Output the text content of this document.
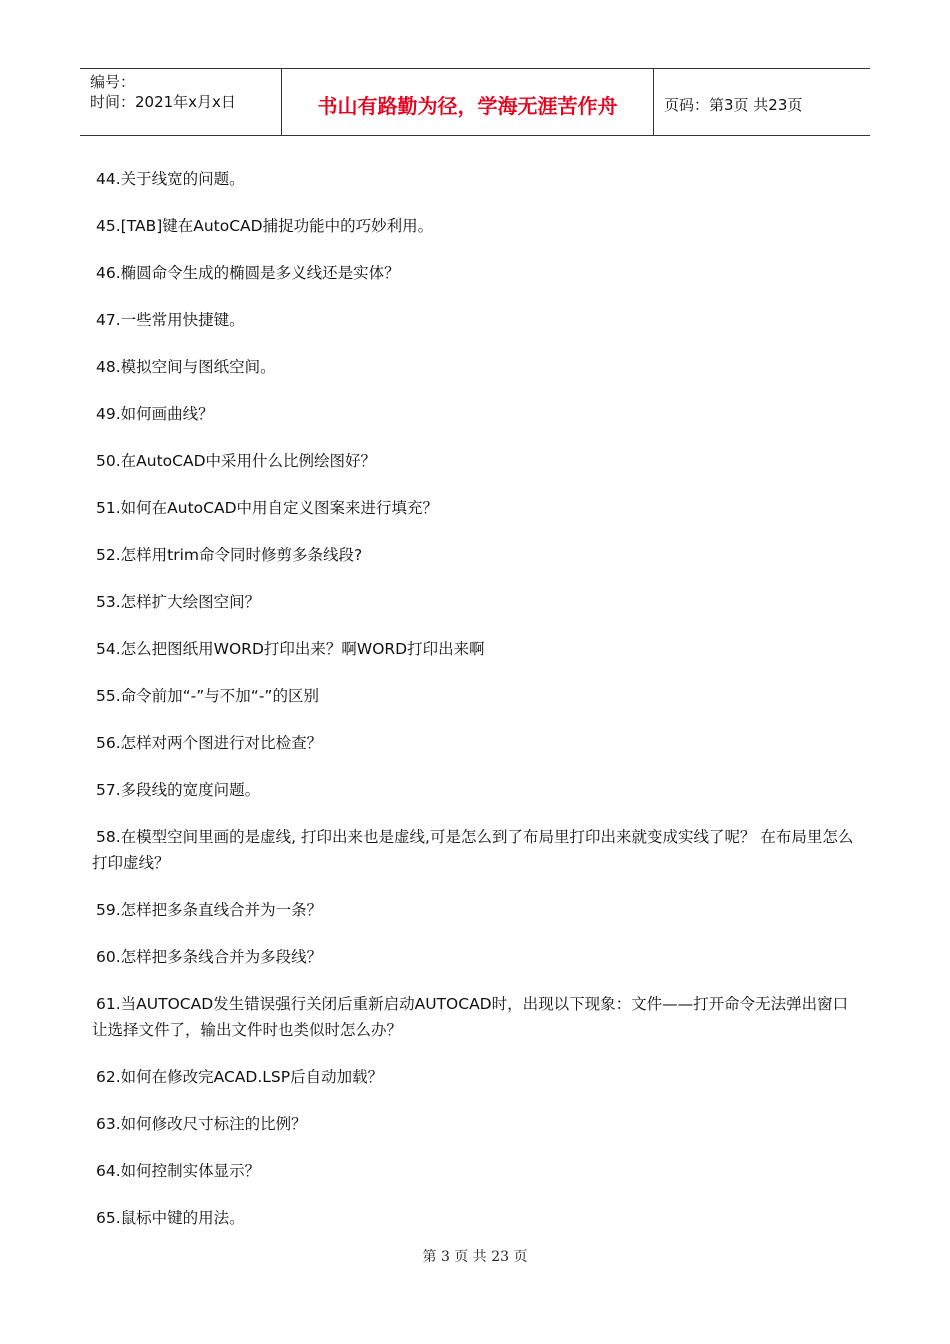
编号：
时间：2021年x月x日	书山有路勤为径，学海无涯苦作舟	页码：第3页 共23页
44.关于线宽的问题。
45.[TAB]键在AutoCAD捕捉功能中的巧妙利用。
46.椭圆命令生成的椭圆是多义线还是实体？
47.一些常用快捷键。
48.模拟空间与图纸空间。
49.如何画曲线？
50.在AutoCAD中采用什么比例绘图好？
51.如何在AutoCAD中用自定义图案来进行填充？
52.怎样用trim命令同时修剪多条线段?
53.怎样扩大绘图空间？
54.怎么把图纸用WORD打印出来？啊WORD打印出来啊
55.命令前加“-”与不加“-”的区别
56.怎样对两个图进行对比检查？
57.多段线的宽度问题。
58.在模型空间里画的是虚线, 打印出来也是虚线,可是怎么到了布局里打印出来就变成实线了呢？ 在布局里怎么打印虚线？
59.怎样把多条直线合并为一条？
60.怎样把多条线合并为多段线？
61.当AUTOCAD发生错误强行关闭后重新启动AUTOCAD时，出现以下现象：文件——打开命令无法弹出窗口让选择文件了，输出文件时也类似时怎么办？
62.如何在修改完ACAD.LSP后自动加载？
63.如何修改尺寸标注的比例？
64.如何控制实体显示？
65.鼠标中键的用法。
第 3 页 共 23 页
